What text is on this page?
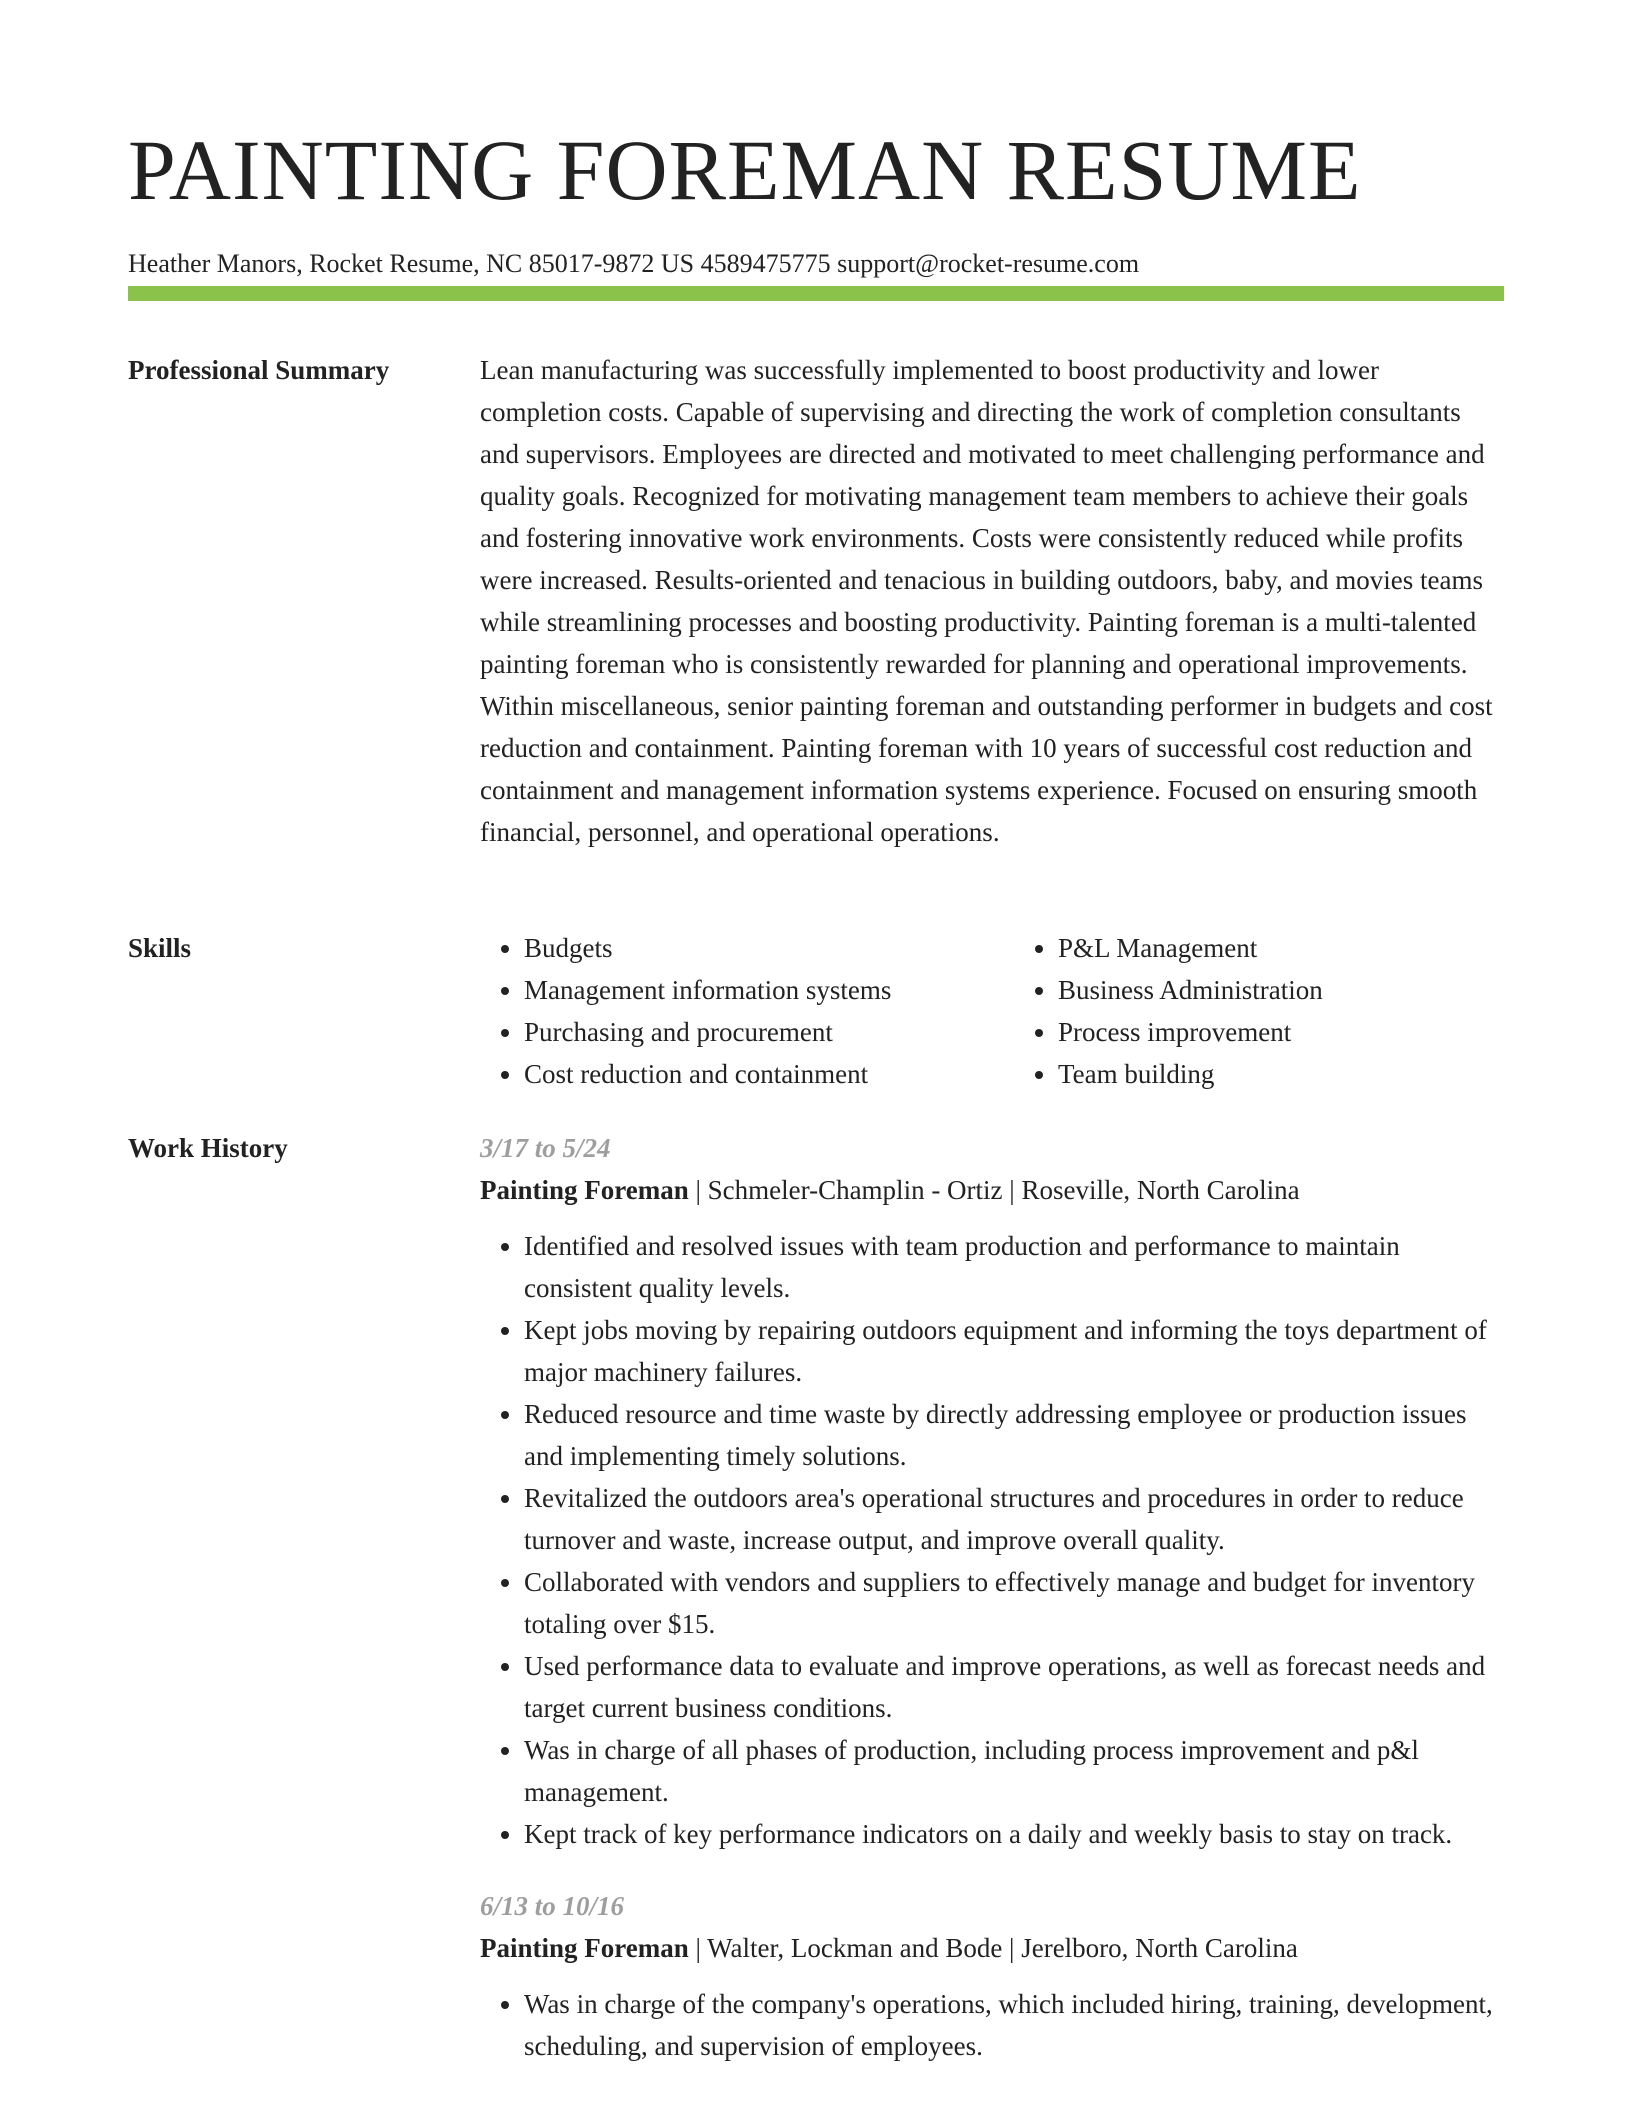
PAINTING FOREMAN RESUME
Heather Manors, Rocket Resume, NC 85017-9872 US 4589475775 support@rocket-resume.com
Professional Summary	Lean manufacturing was successfully implemented to boost productivity and lower completion costs. Capable of supervising and directing the work of completion consultants and supervisors. Employees are directed and motivated to meet challenging performance and quality goals. Recognized for motivating management team members to achieve their goals and fostering innovative work environments. Costs were consistently reduced while profits were increased. Results-oriented and tenacious in building outdoors, baby, and movies teams while streamlining processes and boosting productivity. Painting foreman is a multi-talented painting foreman who is consistently rewarded for planning and operational improvements. Within miscellaneous, senior painting foreman and outstanding performer in budgets and cost reduction and containment. Painting foreman with 10 years of successful cost reduction and containment and management information systems experience. Focused on ensuring smooth financial, personnel, and operational operations.

Skills
•	Budgets
• Management information systems
• Purchasing and procurement
• Cost reduction and containment
• P&L Management
• Business Administration
• Process improvement
• Team building
Work History	3/17 to 5/24
Painting Foreman | Schmeler-Champlin - Ortiz | Roseville, North Carolina
• Identified and resolved issues with team production and performance to maintain consistent quality levels.
• Kept jobs moving by repairing outdoors equipment and informing the toys department of major machinery failures.
• Reduced resource and time waste by directly addressing employee or production issues and implementing timely solutions.
• Revitalized the outdoors area's operational structures and procedures in order to reduce turnover and waste, increase output, and improve overall quality.
• Collaborated with vendors and suppliers to effectively manage and budget for inventory totaling over $15.
• Used performance data to evaluate and improve operations, as well as forecast needs and target current business conditions.
• Was in charge of all phases of production, including process improvement and p&l management.
• Kept track of key performance indicators on a daily and weekly basis to stay on track.
6/13 to 10/16
Painting Foreman | Walter, Lockman and Bode | Jerelboro, North Carolina
• Was in charge of the company's operations, which included hiring, training, development, scheduling, and supervision of employees.
